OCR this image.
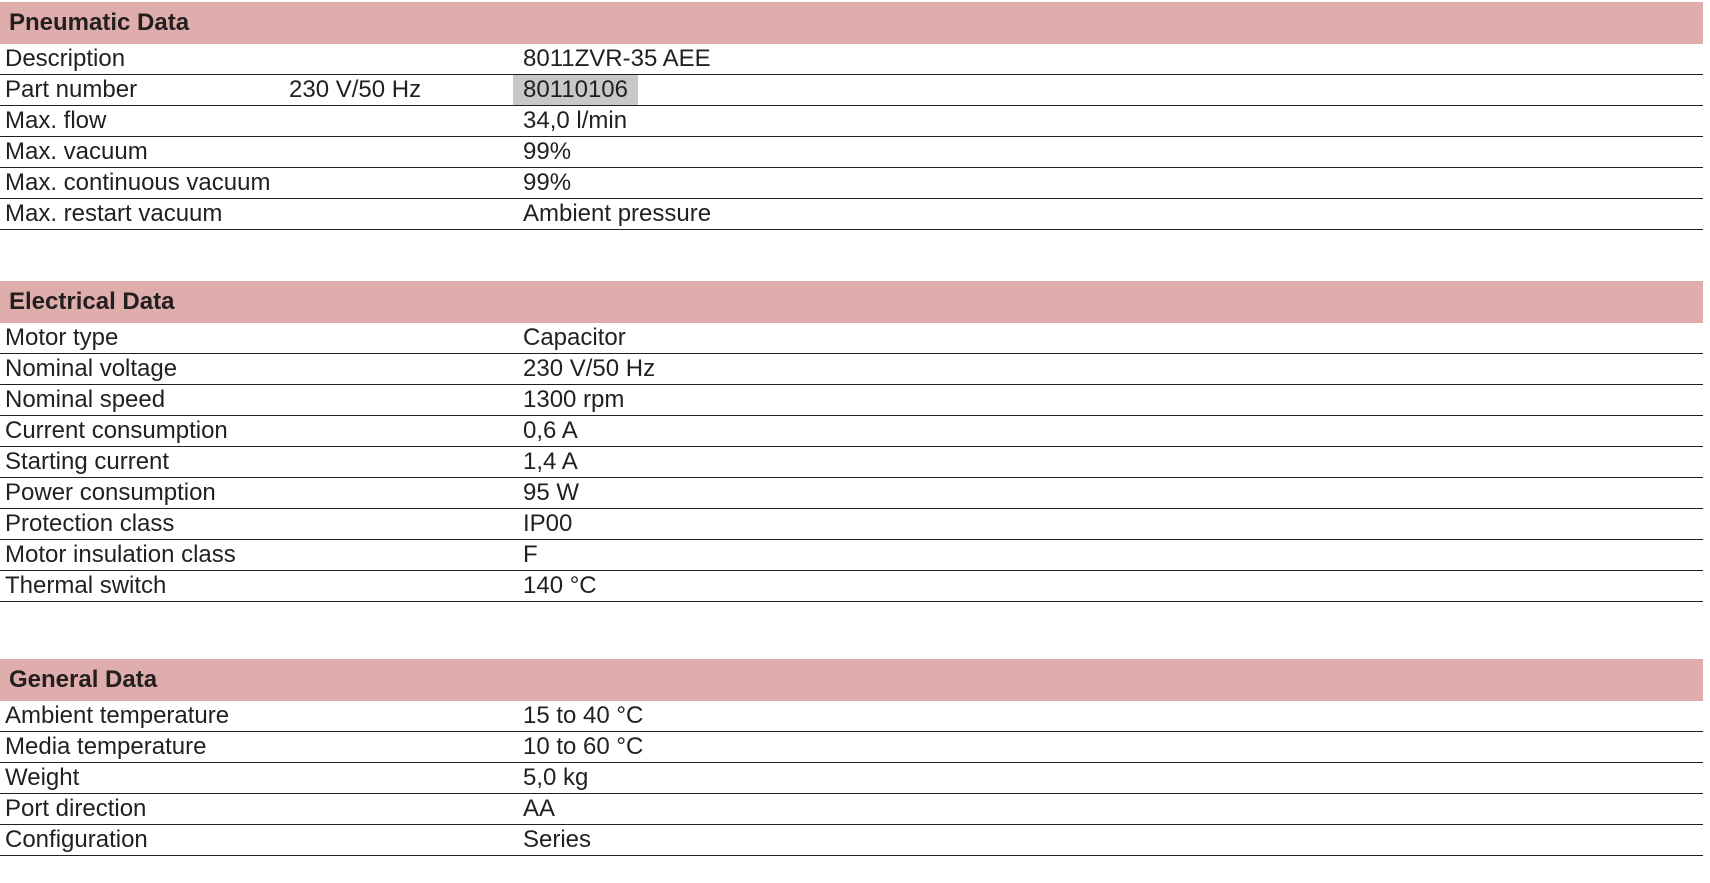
Pneumatic Data
Description	8011ZVR-35 AEE
Part number	230 V/50 Hz	80110106
Max. flow	34,0 l/min
Max. vacuum	99%
Max. continuous vacuum	99%
Max. restart vacuum	Ambient pressure
Electrical Data
Motor type	Capacitor
Nominal voltage	230 V/50 Hz
Nominal speed	1300 rpm
Current consumption	0,6 A
Starting current	1,4 A
Power consumption	95 W
Protection class	IP00
Motor insulation class	F
Thermal switch	140 °C
General Data
Ambient temperature	15 to 40 °C
Media temperature	10 to 60 °C
Weight	5,0 kg
Port direction	AA
Configuration	Series
